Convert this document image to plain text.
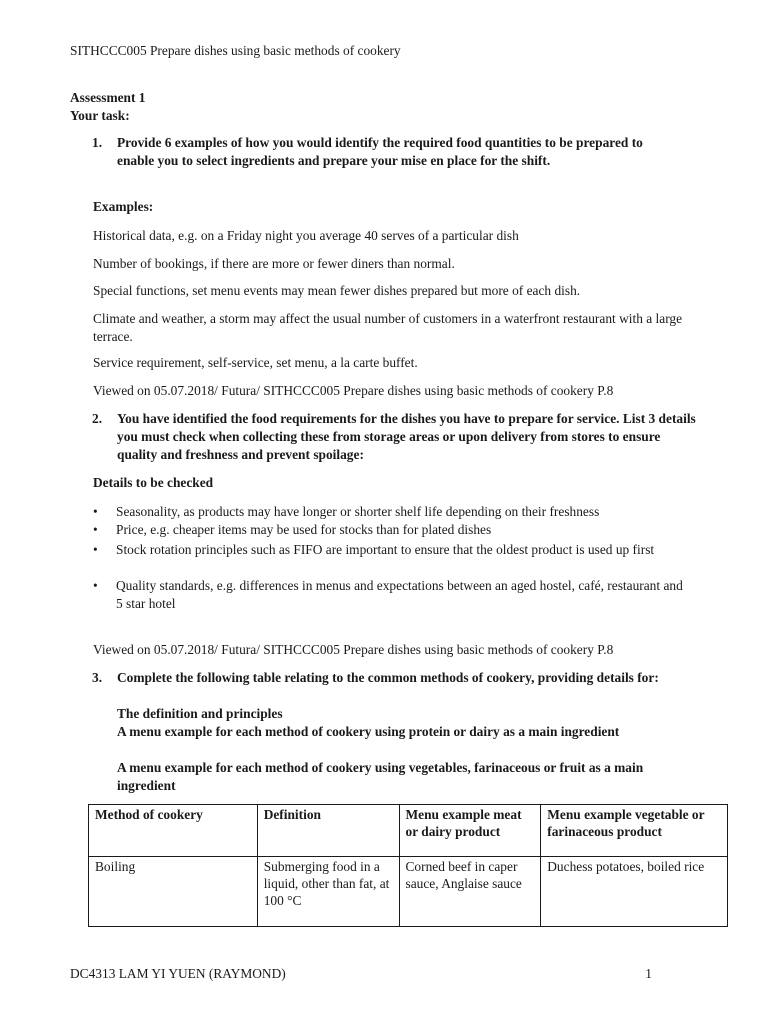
SITHCCC005 Prepare dishes using basic methods of cookery
Assessment 1
Your task:
1. Provide 6 examples of how you would identify the required food quantities to be prepared to enable you to select ingredients and prepare your mise en place for the shift.
Examples:
Historical data, e.g. on a Friday night you average 40 serves of a particular dish
Number of bookings, if there are more or fewer diners than normal.
Special functions, set menu events may mean fewer dishes prepared but more of each dish.
Climate and weather, a storm may affect the usual number of customers in a waterfront restaurant with a large terrace.
Service requirement, self-service, set menu, a la carte buffet.
Viewed on 05.07.2018/ Futura/ SITHCCC005 Prepare dishes using basic methods of cookery P.8
2. You have identified the food requirements for the dishes you have to prepare for service. List 3 details you must check when collecting these from storage areas or upon delivery from stores to ensure quality and freshness and prevent spoilage:
Details to be checked
• Seasonality, as products may have longer or shorter shelf life depending on their freshness
• Price, e.g. cheaper items may be used for stocks than for plated dishes
• Stock rotation principles such as FIFO are important to ensure that the oldest product is used up first
• Quality standards, e.g. differences in menus and expectations between an aged hostel, café, restaurant and 5 star hotel
Viewed on 05.07.2018/ Futura/ SITHCCC005 Prepare dishes using basic methods of cookery P.8
3. Complete the following table relating to the common methods of cookery, providing details for:
The definition and principles
A menu example for each method of cookery using protein or dairy as a main ingredient
A menu example for each method of cookery using vegetables, farinaceous or fruit as a main ingredient
Method of cookery	Definition	Menu example meat or dairy product	Menu example vegetable or farinaceous product
Boiling	Submerging food in a liquid, other than fat, at 100 °C	Corned beef in caper sauce, Anglaise sauce	Duchess potatoes, boiled rice
DC4313 LAM YI YUEN (RAYMOND)	1
